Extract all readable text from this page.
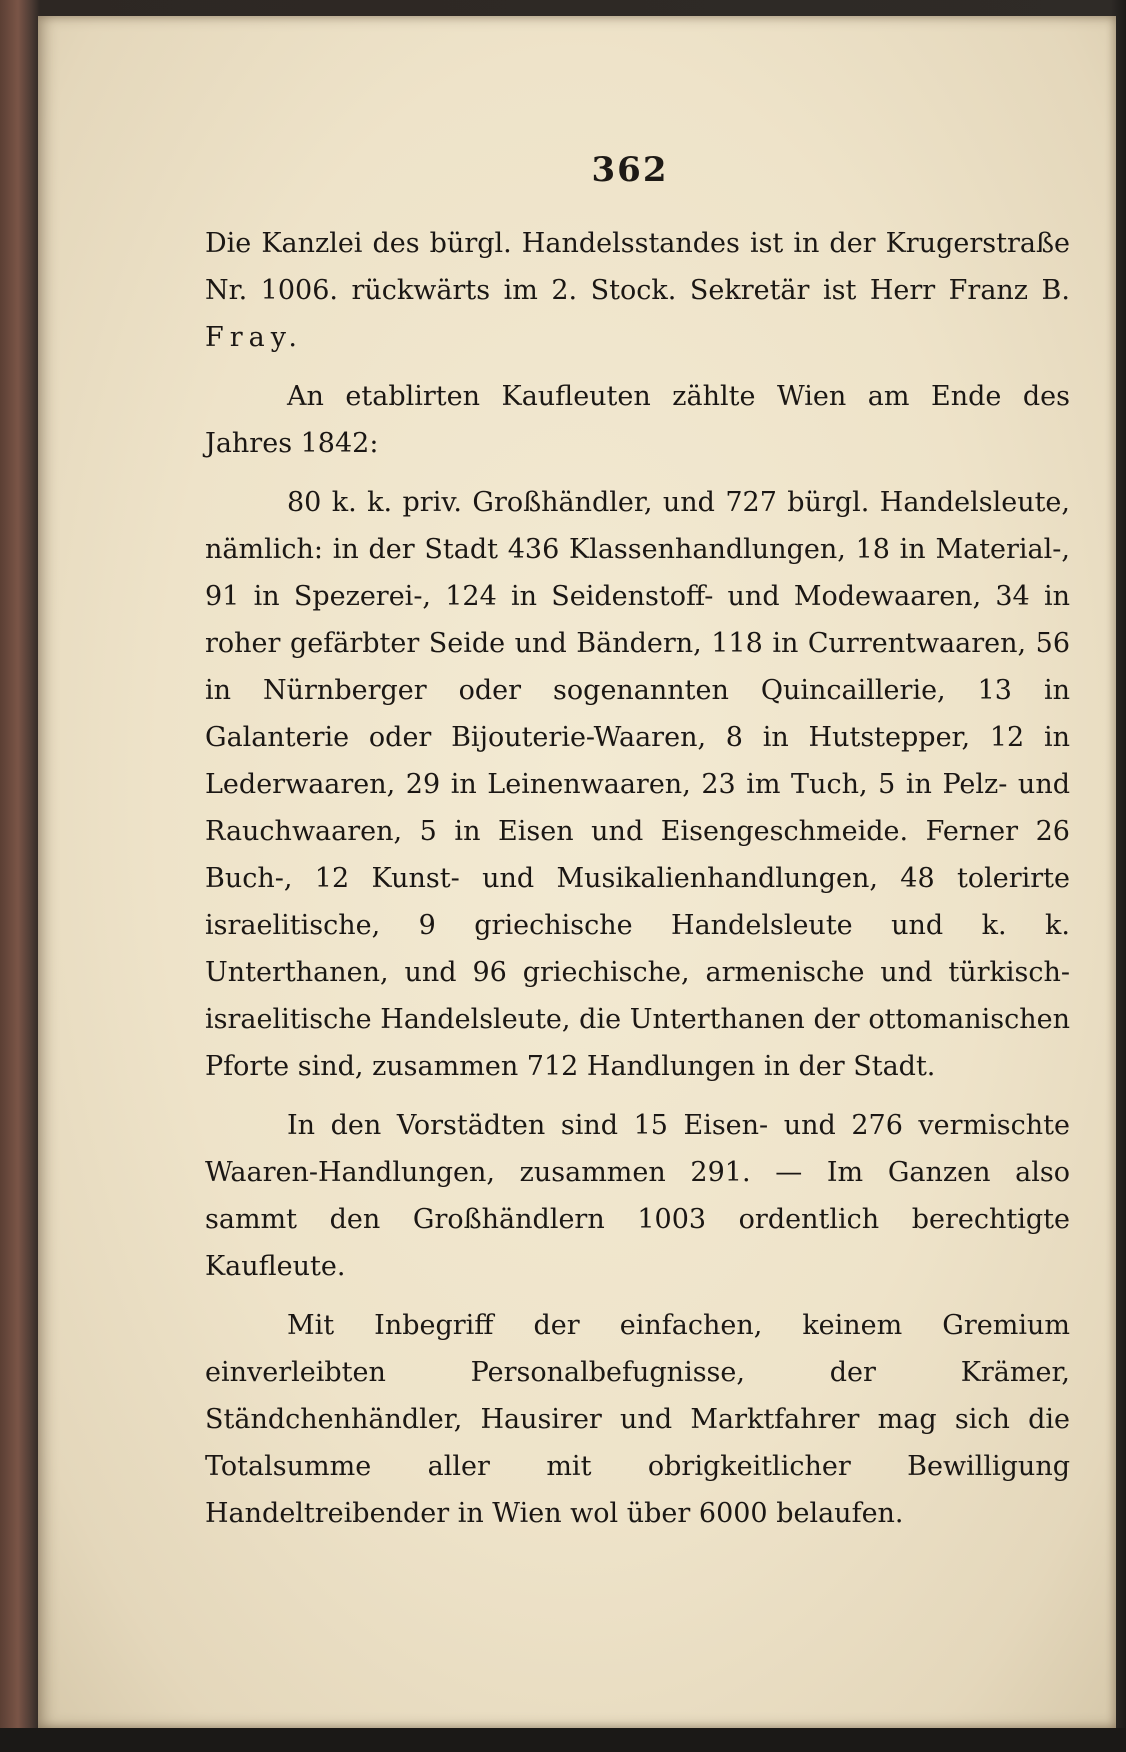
362

Die Kanzlei des bürgl. Handelsstandes ist in der Krugerstraße Nr. 1006. rückwärts im 2. Stock. Sekretär ist Herr Franz B. Fray.

An etablirten Kaufleuten zählte Wien am Ende des Jahres 1842:

80 k. k. priv. Großhändler, und 727 bürgl. Handelsleute, nämlich: in der Stadt 436 Klassenhandlungen, 18 in Material-, 91 in Spezerei-, 124 in Seidenstoff- und Modewaaren, 34 in roher gefärbter Seide und Bändern, 118 in Currentwaaren, 56 in Nürnberger oder sogenannten Quincaillerie, 13 in Galanterie oder Bijouterie-Waaren, 8 in Hutstepper, 12 in Lederwaaren, 29 in Leinenwaaren, 23 im Tuch, 5 in Pelz- und Rauchwaaren, 5 in Eisen und Eisengeschmeide. Ferner 26 Buch-, 12 Kunst- und Musikalienhandlungen, 48 tolerirte israelitische, 9 griechische Handelsleute und k. k. Unterthanen, und 96 griechische, armenische und türkisch-israelitische Handelsleute, die Unterthanen der ottomanischen Pforte sind, zusammen 712 Handlungen in der Stadt.

In den Vorstädten sind 15 Eisen- und 276 vermischte Waaren-Handlungen, zusammen 291. — Im Ganzen also sammt den Großhändlern 1003 ordentlich berechtigte Kaufleute.

Mit Inbegriff der einfachen, keinem Gremium einverleibten Personalbefugnisse, der Krämer, Ständchenhändler, Hausirer und Marktfahrer mag sich die Totalsumme aller mit obrigkeitlicher Bewilligung Handeltreibender in Wien wol über 6000 belaufen.
